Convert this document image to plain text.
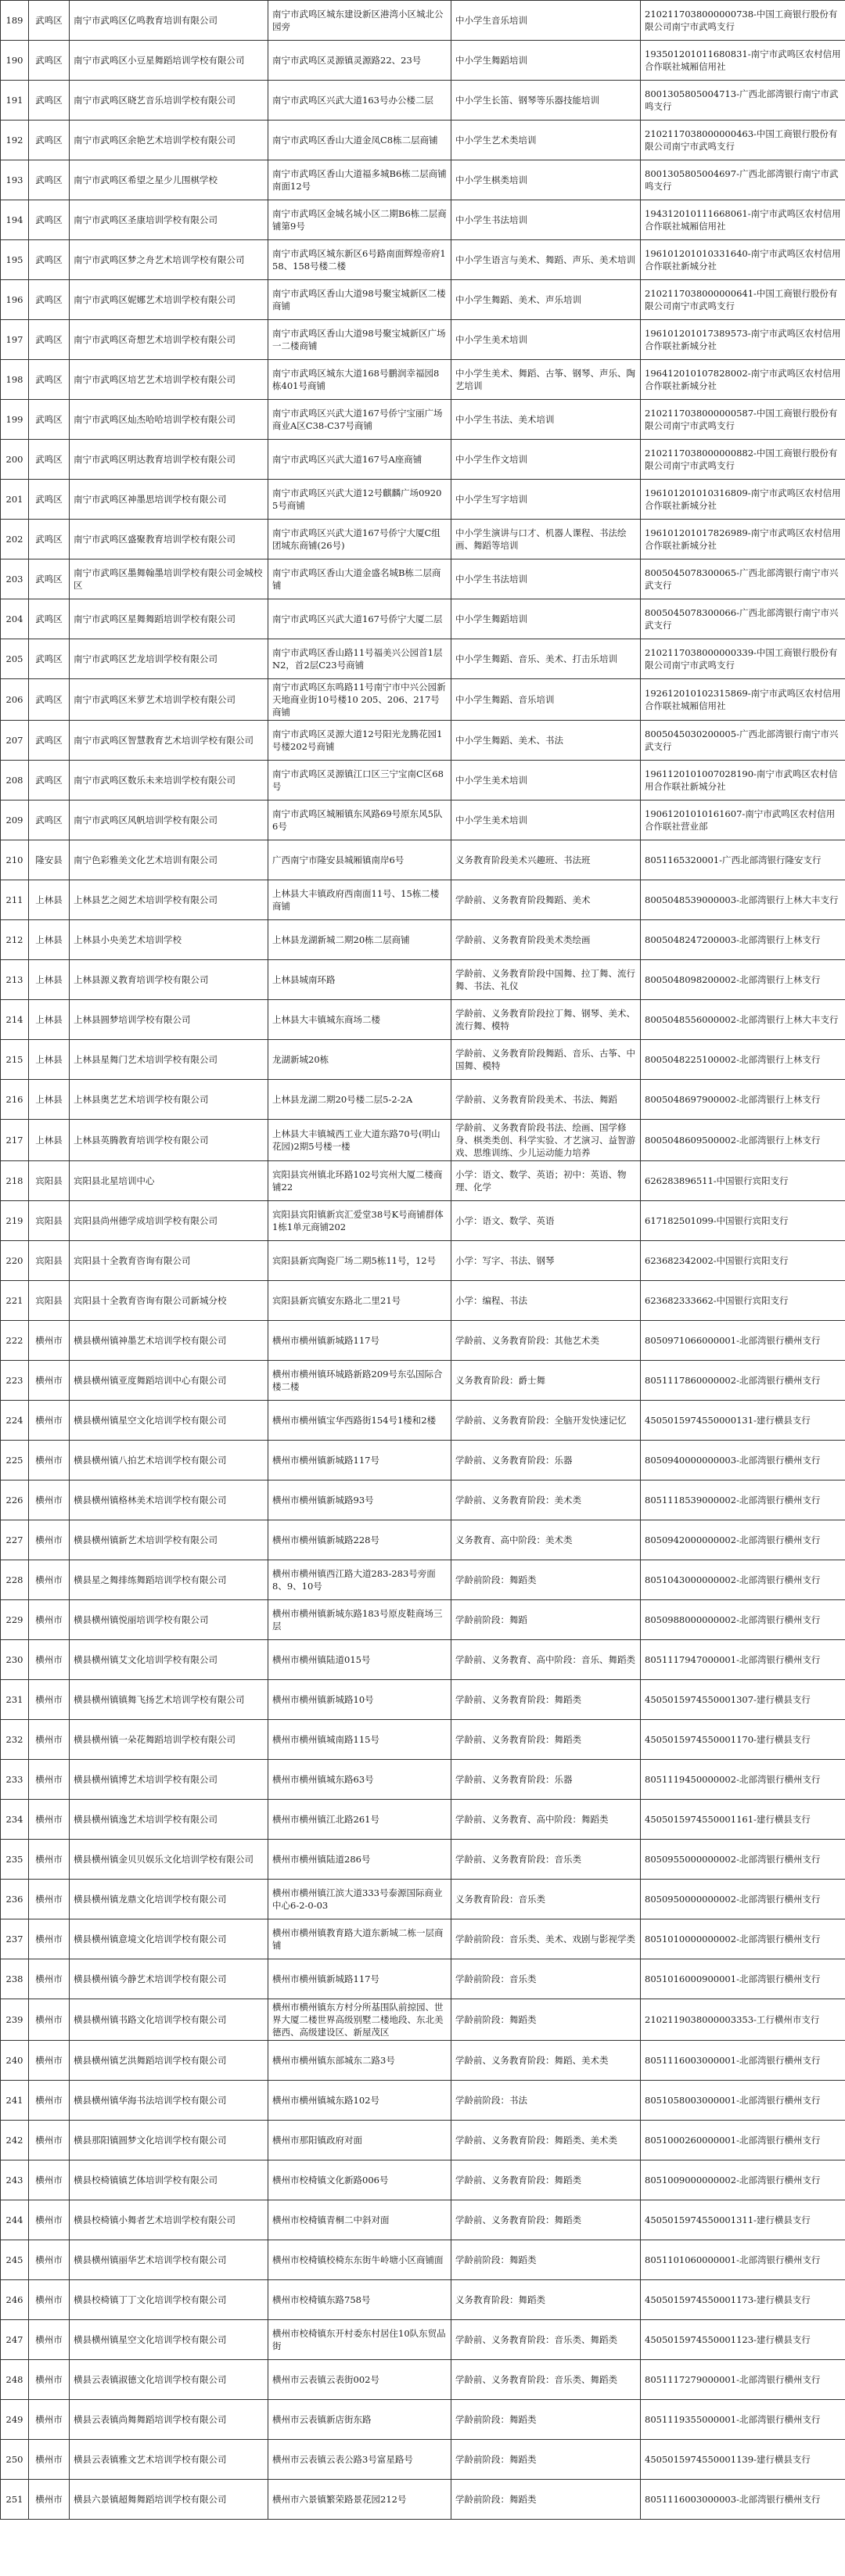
189	武鸣区	南宁市武鸣区亿鸣教育培训有限公司	南宁市武鸣区城东建设新区港湾小区城北公园旁	中小学生音乐培训	2102117038000000738-中国工商银行股份有限公司南宁市武鸣支行
190	武鸣区	南宁市武鸣区小豆星舞蹈培训学校有限公司	南宁市武鸣区灵源镇灵源路22、23号	中小学生舞蹈培训	193501201011680831-南宁市武鸣区农村信用合作联社城厢信用社
191	武鸣区	南宁市武鸣区晓艺音乐培训学校有限公司	南宁市武鸣区兴武大道163号办公楼二层	中小学生长笛、钢琴等乐器技能培训	8001305805004713-广西北部湾银行南宁市武鸣支行
192	武鸣区	南宁市武鸣区余艳艺术培训学校有限公司	南宁市武鸣区香山大道金凤C8栋二层商铺	中小学生艺术类培训	2102117038000000463-中国工商银行股份有限公司南宁市武鸣支行
193	武鸣区	南宁市武鸣区希望之星少儿围棋学校	南宁市武鸣区香山大道福多城B6栋二层商铺南面12号	中小学生棋类培训	8001305805004697-广西北部湾银行南宁市武鸣支行
194	武鸣区	南宁市武鸣区圣康培训学校有限公司	南宁市武鸣区金城名城小区二期B6栋二层商铺第9号	中小学生书法培训	194312010111668061-南宁市武鸣区农村信用合作联社城厢信用社
195	武鸣区	南宁市武鸣区梦之舟艺术培训学校有限公司	南宁市武鸣区城东新区6号路南面辉煌帝府158、158号楼二楼	中小学生语言与美术、舞蹈、声乐、美术培训	196101201010331640-南宁市武鸣区农村信用合作联社新城分社
196	武鸣区	南宁市武鸣区妮娜艺术培训学校有限公司	南宁市武鸣区香山大道98号聚宝城新区二楼商铺	中小学生舞蹈、美术、声乐培训	2102117038000000641-中国工商银行股份有限公司南宁市武鸣支行
197	武鸣区	南宁市武鸣区奇想艺术培训学校有限公司	南宁市武鸣区香山大道98号聚宝城新区广场一二楼商铺	中小学生美术培训	196101201017389573-南宁市武鸣区农村信用合作联社新城分社
198	武鸣区	南宁市武鸣区培艺艺术培训学校有限公司	南宁市武鸣区城东大道168号鹏润幸福园8栋401号商铺	中小学生美术、舞蹈、古筝、钢琴、声乐、陶艺培训	196412010107828002-南宁市武鸣区农村信用合作联社新城分社
199	武鸣区	南宁市武鸣区灿杰哈哈培训学校有限公司	南宁市武鸣区兴武大道167号侨宁宝丽广场商业A区C38-C37号商铺	中小学生书法、美术培训	2102117038000000587-中国工商银行股份有限公司南宁市武鸣支行
200	武鸣区	南宁市武鸣区明达教育培训学校有限公司	南宁市武鸣区兴武大道167号A座商铺	中小学生作文培训	2102117038000000882-中国工商银行股份有限公司南宁市武鸣支行
201	武鸣区	南宁市武鸣区神墨思培训学校有限公司	南宁市武鸣区兴武大道12号麒麟广场09205号商铺	中小学生写字培训	196101201010316809-南宁市武鸣区农村信用合作联社新城分社
202	武鸣区	南宁市武鸣区盛聚教育培训学校有限公司	南宁市武鸣区兴武大道167号侨宁大厦C组团城东商铺(26号)	中小学生演讲与口才、机器人课程、书法绘画、舞蹈等培训	196101201017826989-南宁市武鸣区农村信用合作联社新城分社
203	武鸣区	南宁市武鸣区墨舞翰墨培训学校有限公司金城校区	南宁市武鸣区香山大道金盛名城B栋二层商铺	中小学生书法培训	8005045078300065-广西北部湾银行南宁市兴武支行
204	武鸣区	南宁市武鸣区星舞舞蹈培训学校有限公司	南宁市武鸣区兴武大道167号侨宁大厦二层	中小学生舞蹈培训	8005045078300066-广西北部湾银行南宁市兴武支行
205	武鸣区	南宁市武鸣区艺龙培训学校有限公司	南宁市武鸣区香山路11号福美兴公园首1层N2，首2层C23号商铺	中小学生舞蹈、音乐、美术、打击乐培训	2102117038000000339-中国工商银行股份有限公司南宁市武鸣支行
206	武鸣区	南宁市武鸣区米萝艺术培训学校有限公司	南宁市武鸣区东鸣路11号南宁市中兴公园新天地商业街10号楼10 205、206、217号商铺	中小学生舞蹈、音乐培训	192612010102315869-南宁市武鸣区农村信用合作联社城厢信用社
207	武鸣区	南宁市武鸣区智慧教育艺术培训学校有限公司	南宁市武鸣区灵源大道12号阳光龙腾花园1号楼202号商铺	中小学生舞蹈、美术、书法	8005045030200005-广西北部湾银行南宁市兴武支行
208	武鸣区	南宁市武鸣区数乐未来培训学校有限公司	南宁市武鸣区灵源镇江口区三宁宝南C区68号	中小学生美术培训	1961120101007028190-南宁市武鸣区农村信用合作联社新城分社
209	武鸣区	南宁市武鸣区风帆培训学校有限公司	南宁市武鸣区城厢镇东风路69号原东风5队6号	中小学生美术培训	19061201010161607-南宁市武鸣区农村信用合作联社营业部
210	隆安县	南宁色彩雅美文化艺术培训有限公司	广西南宁市隆安县城厢镇南岸6号	义务教育阶段美术兴趣班、书法班	8051165320001-广西北部湾银行隆安支行
211	上林县	上林县艺之阅艺术培训学校有限公司	上林县大丰镇政府西南面11号、15栋二楼商铺	学龄前、义务教育阶段舞蹈、美术	8005048539000003-北部湾银行上林大丰支行
212	上林县	上林县小央美艺术培训学校	上林县龙湖新城二期20栋二层商铺	学龄前、义务教育阶段美术类绘画	8005048247200003-北部湾银行上林支行
213	上林县	上林县源义教育培训学校有限公司	上林县城南环路	学龄前、义务教育阶段中国舞、拉丁舞、流行舞、书法、礼仪	8005048098200002-北部湾银行上林支行
214	上林县	上林县圆梦培训学校有限公司	上林县大丰镇城东商场二楼	学龄前、义务教育阶段拉丁舞、钢琴、美术、流行舞、模特	8005048556000002-北部湾银行上林大丰支行
215	上林县	上林县星舞门艺术培训学校有限公司	龙湖新城20栋	学龄前、义务教育阶段舞蹈、音乐、古筝、中国舞、模特	8005048225100002-北部湾银行上林支行
216	上林县	上林县奥艺艺术培训学校有限公司	上林县龙湖二期20号楼二层5-2-2A	学龄前、义务教育阶段美术、书法、舞蹈	8005048697900002-北部湾银行上林支行
217	上林县	上林县英腾教育培训学校有限公司	上林县大丰镇城西工业大道东路70号(明山花园)2期5号楼一楼	学龄前、义务教育阶段书法、绘画、国学修身、棋类类创、科学实验、才艺演习、益智游戏、思维训练、少儿运动能力培养	8005048609500002-北部湾银行上林支行
218	宾阳县	宾阳县北星培训中心	宾阳县宾州镇北环路102号宾州大厦二楼商铺22	小学：语文、数学、英语；初中：英语、物理、化学	626283896511-中国银行宾阳支行
219	宾阳县	宾阳县尚州德学成培训学校有限公司	宾阳县宾阳镇新宾汇爱堂38号K号商铺群体1栋1单元商铺202	小学：语文、数学、英语	617182501099-中国银行宾阳支行
220	宾阳县	宾阳县十全教育咨询有限公司	宾阳县新宾陶瓷厂场二期5栋11号，12号	小学：写字、书法、钢琴	623682342002-中国银行宾阳支行
221	宾阳县	宾阳县十全教育咨询有限公司新城分校	宾阳县新宾镇安东路北二里21号	小学：编程、书法	623682333662-中国银行宾阳支行
222	横州市	横县横州镇神墨艺术培训学校有限公司	横州市横州镇新城路117号	学龄前、义务教育阶段：其他艺术类	8050971066000001-北部湾银行横州支行
223	横州市	横县横州镇亚度舞蹈培训中心有限公司	横州市横州镇环城路新路209号东弘国际合楼二楼	义务教育阶段：爵士舞	8051117860000002-北部湾银行横州支行
224	横州市	横县横州镇星空文化培训学校有限公司	横州市横州镇宝华西路街154号1楼和2楼	学龄前、义务教育阶段：全脑开发快速记忆	4505015974550000131-建行横县支行
225	横州市	横县横州镇八拍艺术培训学校有限公司	横州市横州镇新城路117号	学龄前、义务教育阶段：乐器	8050940000000003-北部湾银行横州支行
226	横州市	横县横州镇格林美术培训学校有限公司	横州市横州镇新城路93号	学龄前、义务教育阶段：美术类	8051118539000002-北部湾银行横州支行
227	横州市	横县横州镇新艺术培训学校有限公司	横州市横州镇新城路228号	义务教育、高中阶段：美术类	8050942000000002-北部湾银行横州支行
228	横州市	横县星之舞排练舞蹈培训学校有限公司	横州市横州镇西江路大道283-283号旁面8、9、10号	学龄前阶段：舞蹈类	8051043000000002-北部湾银行横州支行
229	横州市	横县横州镇悦丽培训学校有限公司	横州市横州镇新城东路183号原皮鞋商场三层	学龄前阶段：舞蹈	8050988000000002-北部湾银行横州支行
230	横州市	横县横州镇艾文化培训学校有限公司	横州市横州镇陆道015号	学龄前、义务教育、高中阶段：音乐、舞蹈类	8051117947000001-北部湾银行横州支行
231	横州市	横县横州镇镇舞飞扬艺术培训学校有限公司	横州市横州镇新城路10号	学龄前、义务教育阶段：舞蹈类	4505015974550001307-建行横县支行
232	横州市	横县横州镇一朵花舞蹈培训学校有限公司	横州市横州镇城南路115号	学龄前、义务教育阶段：舞蹈类	4505015974550001170-建行横县支行
233	横州市	横县横州镇博艺术培训学校有限公司	横州市横州镇城东路63号	学龄前、义务教育阶段：乐器	8051119450000002-北部湾银行横州支行
234	横州市	横县横州镇逸艺术培训学校有限公司	横州市横州镇江北路261号	学龄前、义务教育、高中阶段：舞蹈类	4505015974550001161-建行横县支行
235	横州市	横县横州镇金贝贝娱乐文化培训学校有限公司	横州市横州镇陆道286号	学龄前、义务教育阶段：音乐类	8050955000000002-北部湾银行横州支行
236	横州市	横县横州镇龙鼎文化培训学校有限公司	横州市横州镇江滨大道333号泰源国际商业中心6-2-0-03	义务教育阶段：音乐类	8050950000000002-北部湾银行横州支行
237	横州市	横县横州镇意境文化培训学校有限公司	横州市横州镇教育路大道东新城二栋一层商铺	学龄前阶段：音乐类、美术、戏剧与影视学类	8051010000000002-北部湾银行横州支行
238	横州市	横县横州镇今静艺术培训学校有限公司	横州市横州镇新城路117号	学龄前阶段：音乐类	8051016000900001-北部湾银行横州支行
239	横州市	横县横州镇书路文化培训学校有限公司	横州市横州镇东方村分所基围队前掠园、世界大厦二楼世界高级别墅二楼地段、东北美德西、高级建设区、新屋茂区	学龄前阶段：舞蹈类	2102119038000003353-工行横州市支行
240	横州市	横县横州镇艺洪舞蹈培训学校有限公司	横州市横州镇东部城东二路3号	学龄前、义务教育阶段：舞蹈、美术类	8051116003000001-北部湾银行横州支行
241	横州市	横县横州镇华海书法培训学校有限公司	横州市横州镇城东路102号	学龄前阶段：书法	8051058003000001-北部湾银行横州支行
242	横州市	横县那阳镇圆梦文化培训学校有限公司	横州市那阳镇政府对面	学龄前、义务教育阶段：舞蹈类、美术类	8051000260000001-北部湾银行横州支行
243	横州市	横县校椅镇镇艺体培训学校有限公司	横州市校椅镇文化新路006号	学龄前、义务教育阶段：舞蹈类	8051009000000002-北部湾银行横州支行
244	横州市	横县校椅镇小舞者艺术培训学校有限公司	横州市校椅镇青桐二中斜对面	学龄前、义务教育阶段：舞蹈类	4505015974550001311-建行横县支行
245	横州市	横县横州镇丽华艺术培训学校有限公司	横州市校椅镇校椅东东街牛岭塘小区商铺面	学龄前阶段：舞蹈类	8051101060000001-北部湾银行横州支行
246	横州市	横县校椅镇丁丁文化培训学校有限公司	横州市校椅镇东路758号	义务教育阶段：舞蹈类	4505015974550001173-建行横县支行
247	横州市	横县横州镇星空文化培训学校有限公司	横州市校椅镇东开村委东村居住10队东贸品街	学龄前、义务教育阶段：音乐类、舞蹈类	4505015974550001123-建行横县支行
248	横州市	横县云表镇淑德文化培训学校有限公司	横州市云表镇云表街002号	学龄前、义务教育阶段：音乐类、舞蹈类	8051117279000001-北部湾银行横州支行
249	横州市	横县云表镇尚舞舞蹈培训学校有限公司	横州市云表镇新店街东路	学龄前阶段：舞蹈类	8051119355000001-北部湾银行横州支行
250	横州市	横县云表镇雅文艺术培训学校有限公司	横州市云表镇云表公路3号富星路号	学龄前阶段：舞蹈类	4505015974550001139-建行横县支行
251	横州市	横县六景镇超舞舞蹈培训学校有限公司	横州市六景镇繁荣路景花园212号	学龄前阶段：舞蹈类	8051116003000003-北部湾银行横州支行
